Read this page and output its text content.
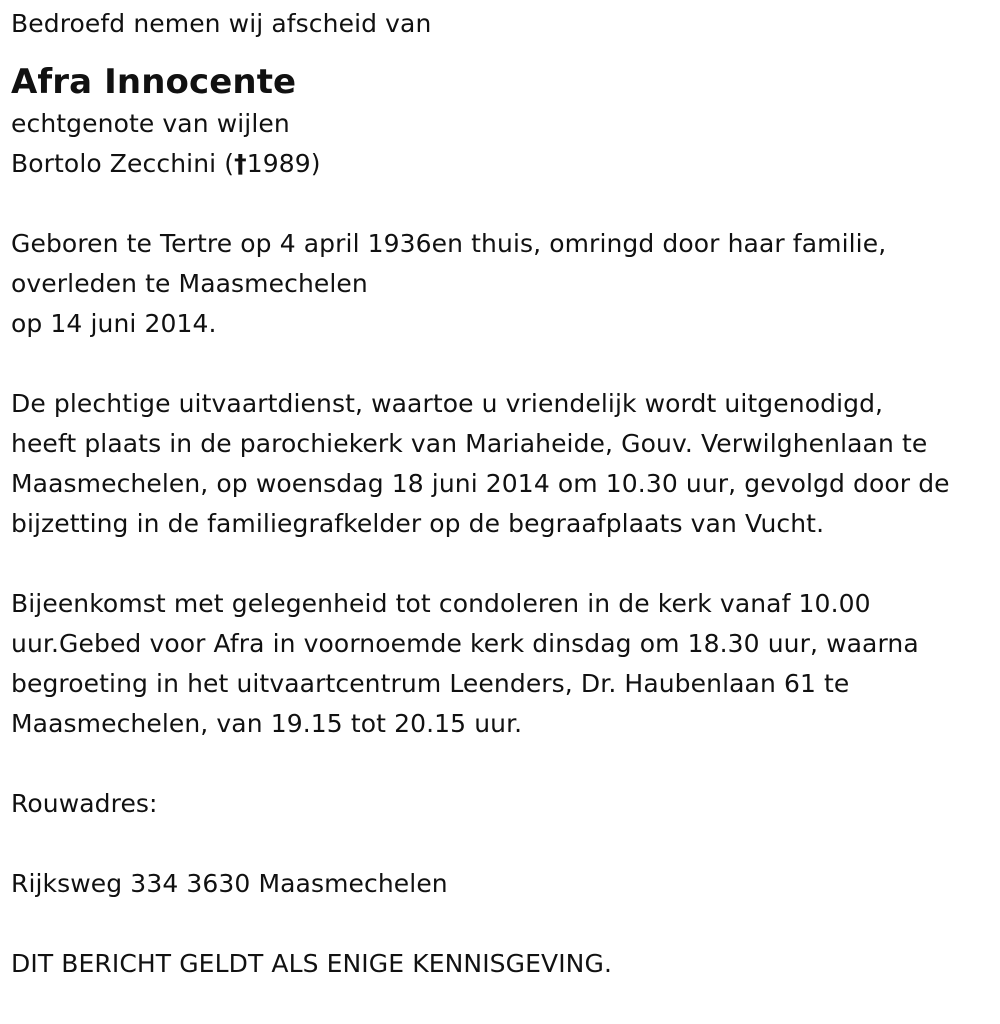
Bedroefd nemen wij afscheid van
Afra Innocente
echtgenote van wijlen
Bortolo Zecchini (†1989)
Geboren te Tertre op 4 april 1936en thuis, omringd door haar familie,
overleden te Maasmechelen
op 14 juni 2014.
De plechtige uitvaartdienst, waartoe u vriendelijk wordt uitgenodigd,
heeft plaats in de parochiekerk van Mariaheide, Gouv. Verwilghenlaan te
Maasmechelen, op woensdag 18 juni 2014 om 10.30 uur, gevolgd door de
bijzetting in de familiegrafkelder op de begraafplaats van Vucht.
Bijeenkomst met gelegenheid tot condoleren in de kerk vanaf 10.00
uur.Gebed voor Afra in voornoemde kerk dinsdag om 18.30 uur, waarna
begroeting in het uitvaartcentrum Leenders, Dr. Haubenlaan 61 te
Maasmechelen, van 19.15 tot 20.15 uur.
Rouwadres:
Rijksweg 334 3630 Maasmechelen
DIT BERICHT GELDT ALS ENIGE KENNISGEVING.
